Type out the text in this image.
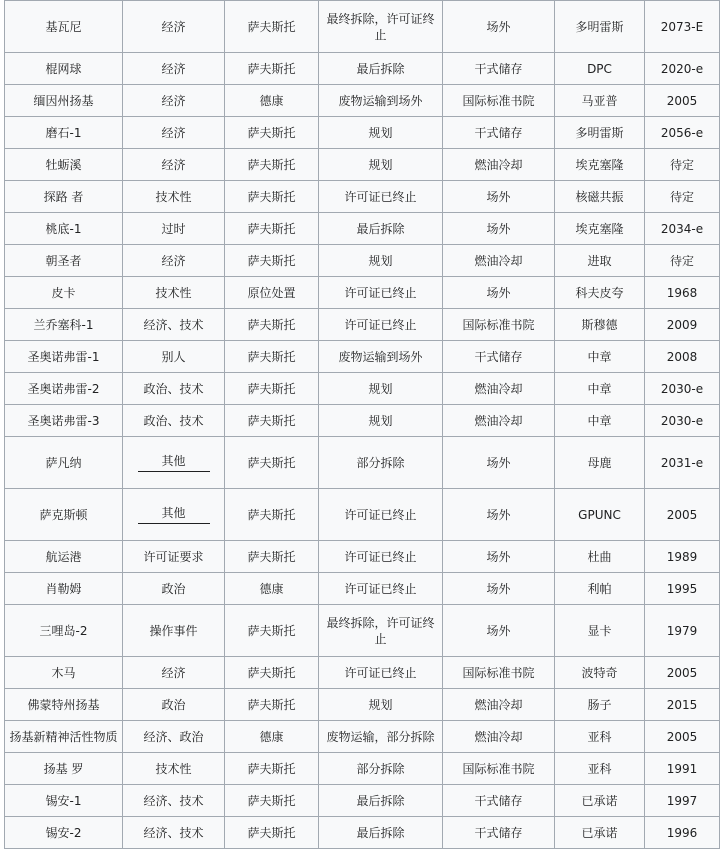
基瓦尼	经济	萨夫斯托	最终拆除，许可证终止	场外	多明雷斯	2073-E
棍网球	经济	萨夫斯托	最后拆除	干式储存	DPC	2020-e
缅因州扬基	经济	德康	废物运输到场外	国际标准书院	马亚普	2005
磨石-1	经济	萨夫斯托	规划	干式储存	多明雷斯	2056-e
牡蛎溪	经济	萨夫斯托	规划	燃油冷却	埃克塞隆	待定
探路 者	技术性	萨夫斯托	许可证已终止	场外	核磁共振	待定
桃底-1	过时	萨夫斯托	最后拆除	场外	埃克塞隆	2034-e
朝圣者	经济	萨夫斯托	规划	燃油冷却	进取	待定
皮卡	技术性	原位处置	许可证已终止	场外	科夫皮夸	1968
兰乔塞科-1	经济、技术	萨夫斯托	许可证已终止	国际标准书院	斯穆德	2009
圣奥诺弗雷-1	别人	萨夫斯托	废物运输到场外	干式储存	中章	2008
圣奥诺弗雷-2	政治、技术	萨夫斯托	规划	燃油冷却	中章	2030-e
圣奥诺弗雷-3	政治、技术	萨夫斯托	规划	燃油冷却	中章	2030-e
萨凡纳	其他	萨夫斯托	部分拆除	场外	母鹿	2031-e
萨克斯顿	其他	萨夫斯托	许可证已终止	场外	GPUNC	2005
航运港	许可证要求	萨夫斯托	许可证已终止	场外	杜曲	1989
肖勒姆	政治	德康	许可证已终止	场外	利帕	1995
三哩岛-2	操作事件	萨夫斯托	最终拆除，许可证终止	场外	显卡	1979
木马	经济	萨夫斯托	许可证已终止	国际标准书院	波特奇	2005
佛蒙特州扬基	政治	萨夫斯托	规划	燃油冷却	肠子	2015
扬基新精神活性物质	经济、政治	德康	废物运输，部分拆除	燃油冷却	亚科	2005
扬基 罗	技术性	萨夫斯托	部分拆除	国际标准书院	亚科	1991
锡安-1	经济、技术	萨夫斯托	最后拆除	干式储存	已承诺	1997
锡安-2	经济、技术	萨夫斯托	最后拆除	干式储存	已承诺	1996
